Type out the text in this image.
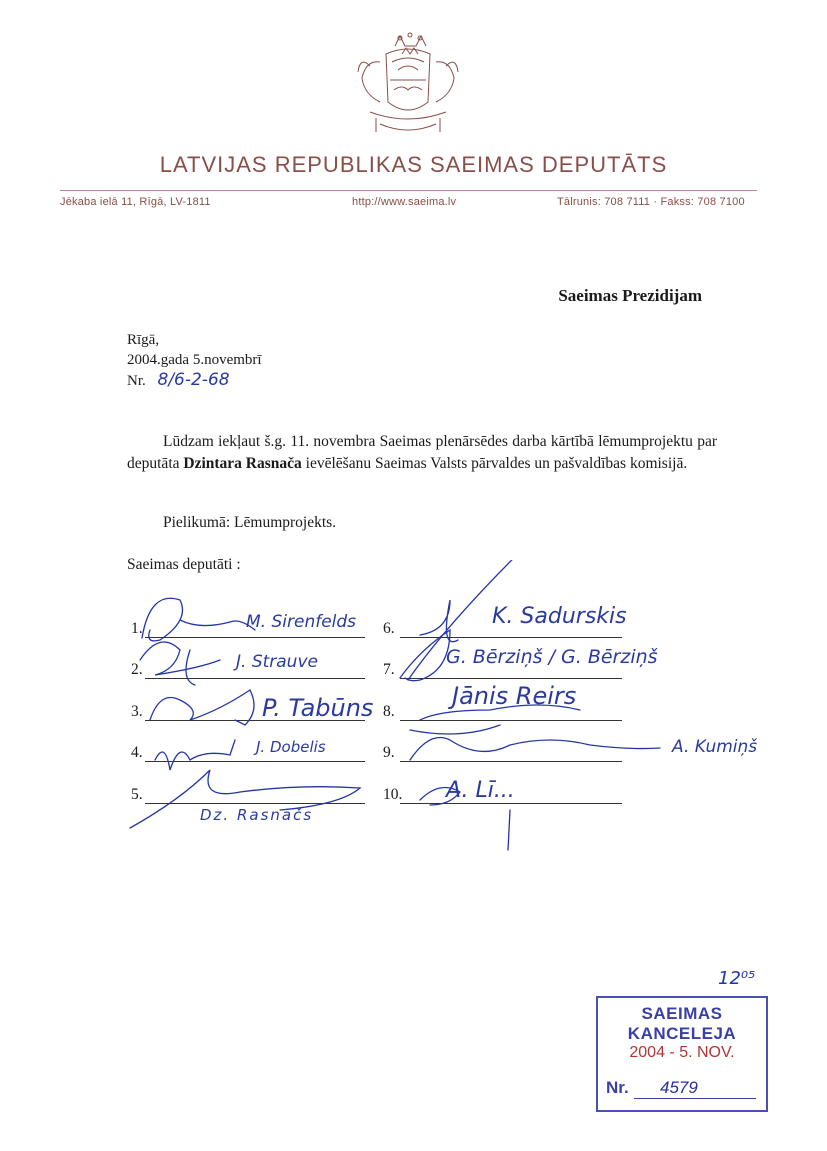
LATVIJAS REPUBLIKAS SAEIMAS DEPUTĀTS
Jēkaba ielā 11, Rīgā, LV-1811	http://www.saeima.lv	Tālrunis: 708 7111 · Fakss: 708 7100
Saeimas Prezidijam
Rīgā,
2004.gada 5.novembrī
Nr. 8/6-2-68
Lūdzam iekļaut š.g. 11. novembra Saeimas plenārsēdes darba kārtībā lēmumprojektu par deputāta Dzintara Rasnača ievēlēšanu Saeimas Valsts pārvaldes un pašvaldības komisijā.
Pielikumā: Lēmumprojekts.
Saeimas deputāti :
1.
2.
3.
4.
5.
6.
7.
8.
9.
10.
M. Sirenfelds
J. Strauve
P. Tabūns
J. Dobelis
Dz. Rasnačs
K. Sadurskis
G. Bērziņš / G. Bērziņš
Jānis Reirs
A. Kumiņš
A. Lī...
12⁰⁵
SAEIMAS KANCELEJA
2004 - 5. NOV.
Nr. 4579
